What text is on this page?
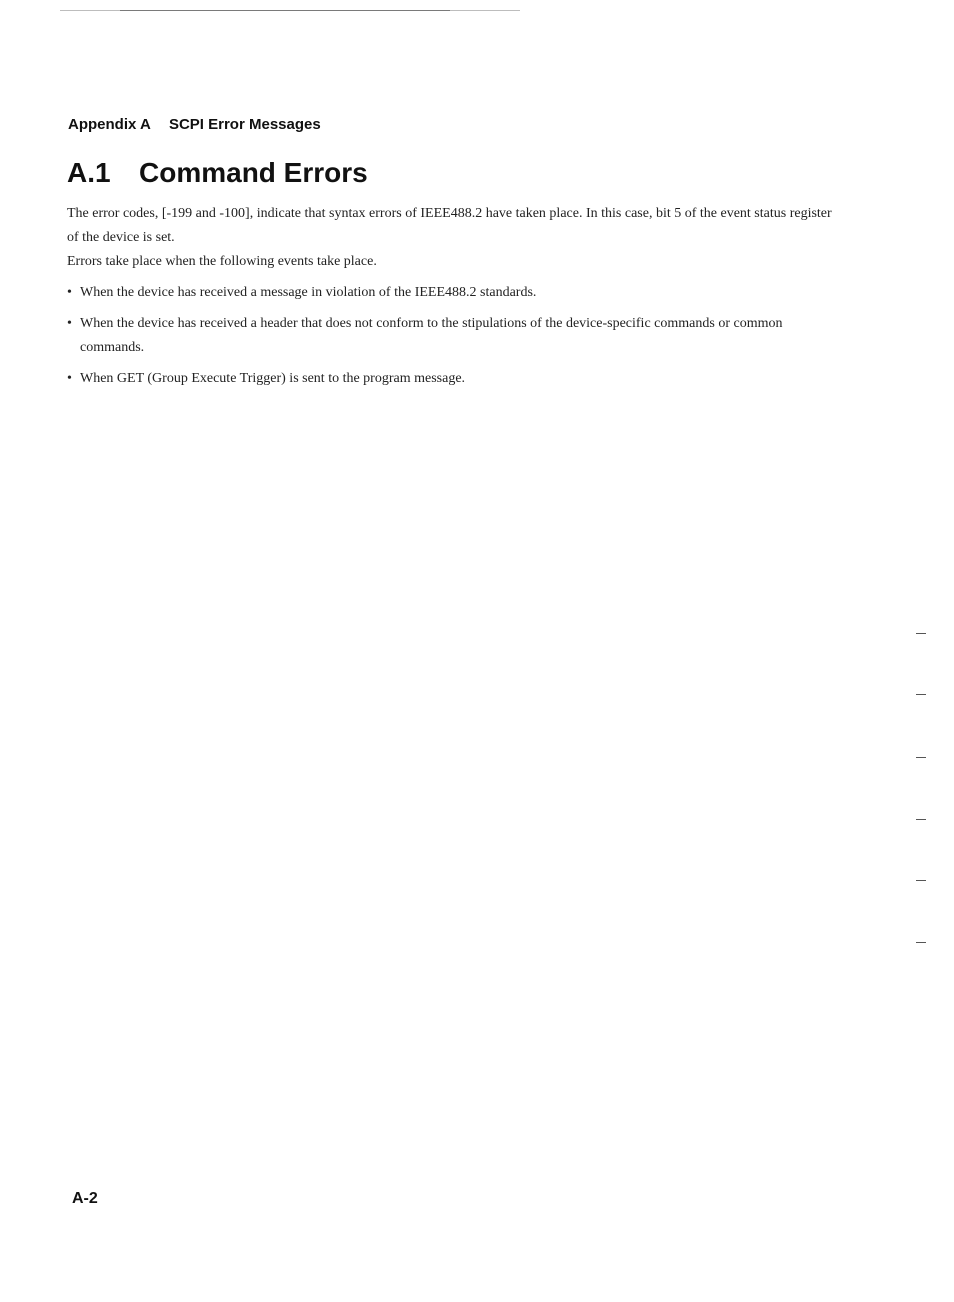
Appendix A SCPI Error Messages
A.1 Command Errors

The error codes, [-199 and -100], indicate that syntax errors of IEEE488.2 have taken place. In this case, bit 5 of the event status register of the device is set.

Errors take place when the following events take place.

• When the device has received a message in violation of the IEEE488.2 standards.
• When the device has received a header that does not conform to the stipulations of the device-specific commands or common commands.
• When GET (Group Execute Trigger) is sent to the program message.
A-2
